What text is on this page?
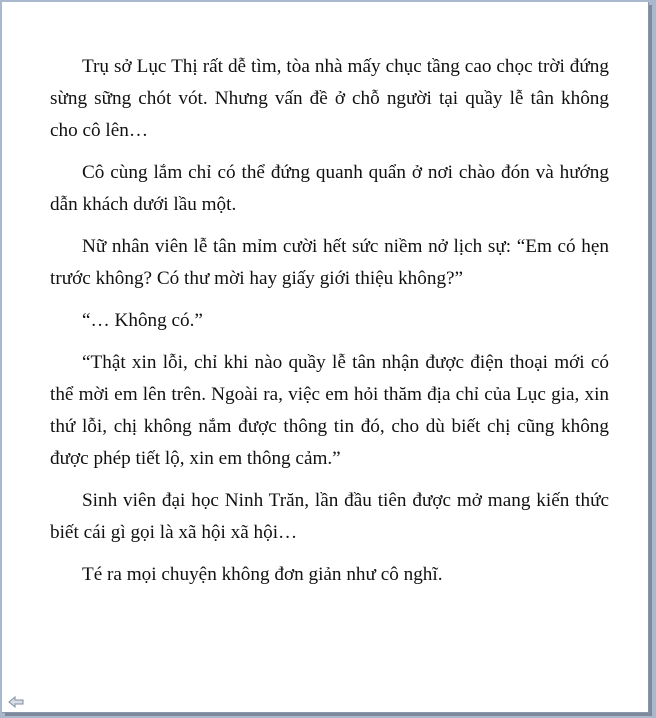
Trụ sở Lục Thị rất dễ tìm, tòa nhà mấy chục tầng cao chọc trời đứng sừng sững chót vót. Nhưng vấn đề ở chỗ người tại quầy lễ tân không cho cô lên…

Cô cùng lắm chỉ có thể đứng quanh quẩn ở nơi chào đón và hướng dẫn khách dưới lầu một.

Nữ nhân viên lễ tân mỉm cười hết sức niềm nở lịch sự: “Em có hẹn trước không? Có thư mời hay giấy giới thiệu không?”

“… Không có.”

“Thật xin lỗi, chỉ khi nào quầy lễ tân nhận được điện thoại mới có thể mời em lên trên. Ngoài ra, việc em hỏi thăm địa chỉ của Lục gia, xin thứ lỗi, chị không nắm được thông tin đó, cho dù biết chị cũng không được phép tiết lộ, xin em thông cảm.”

Sinh viên đại học Ninh Trăn, lần đầu tiên được mở mang kiến thức biết cái gì gọi là xã hội xã hội…

Té ra mọi chuyện không đơn giản như cô nghĩ.
